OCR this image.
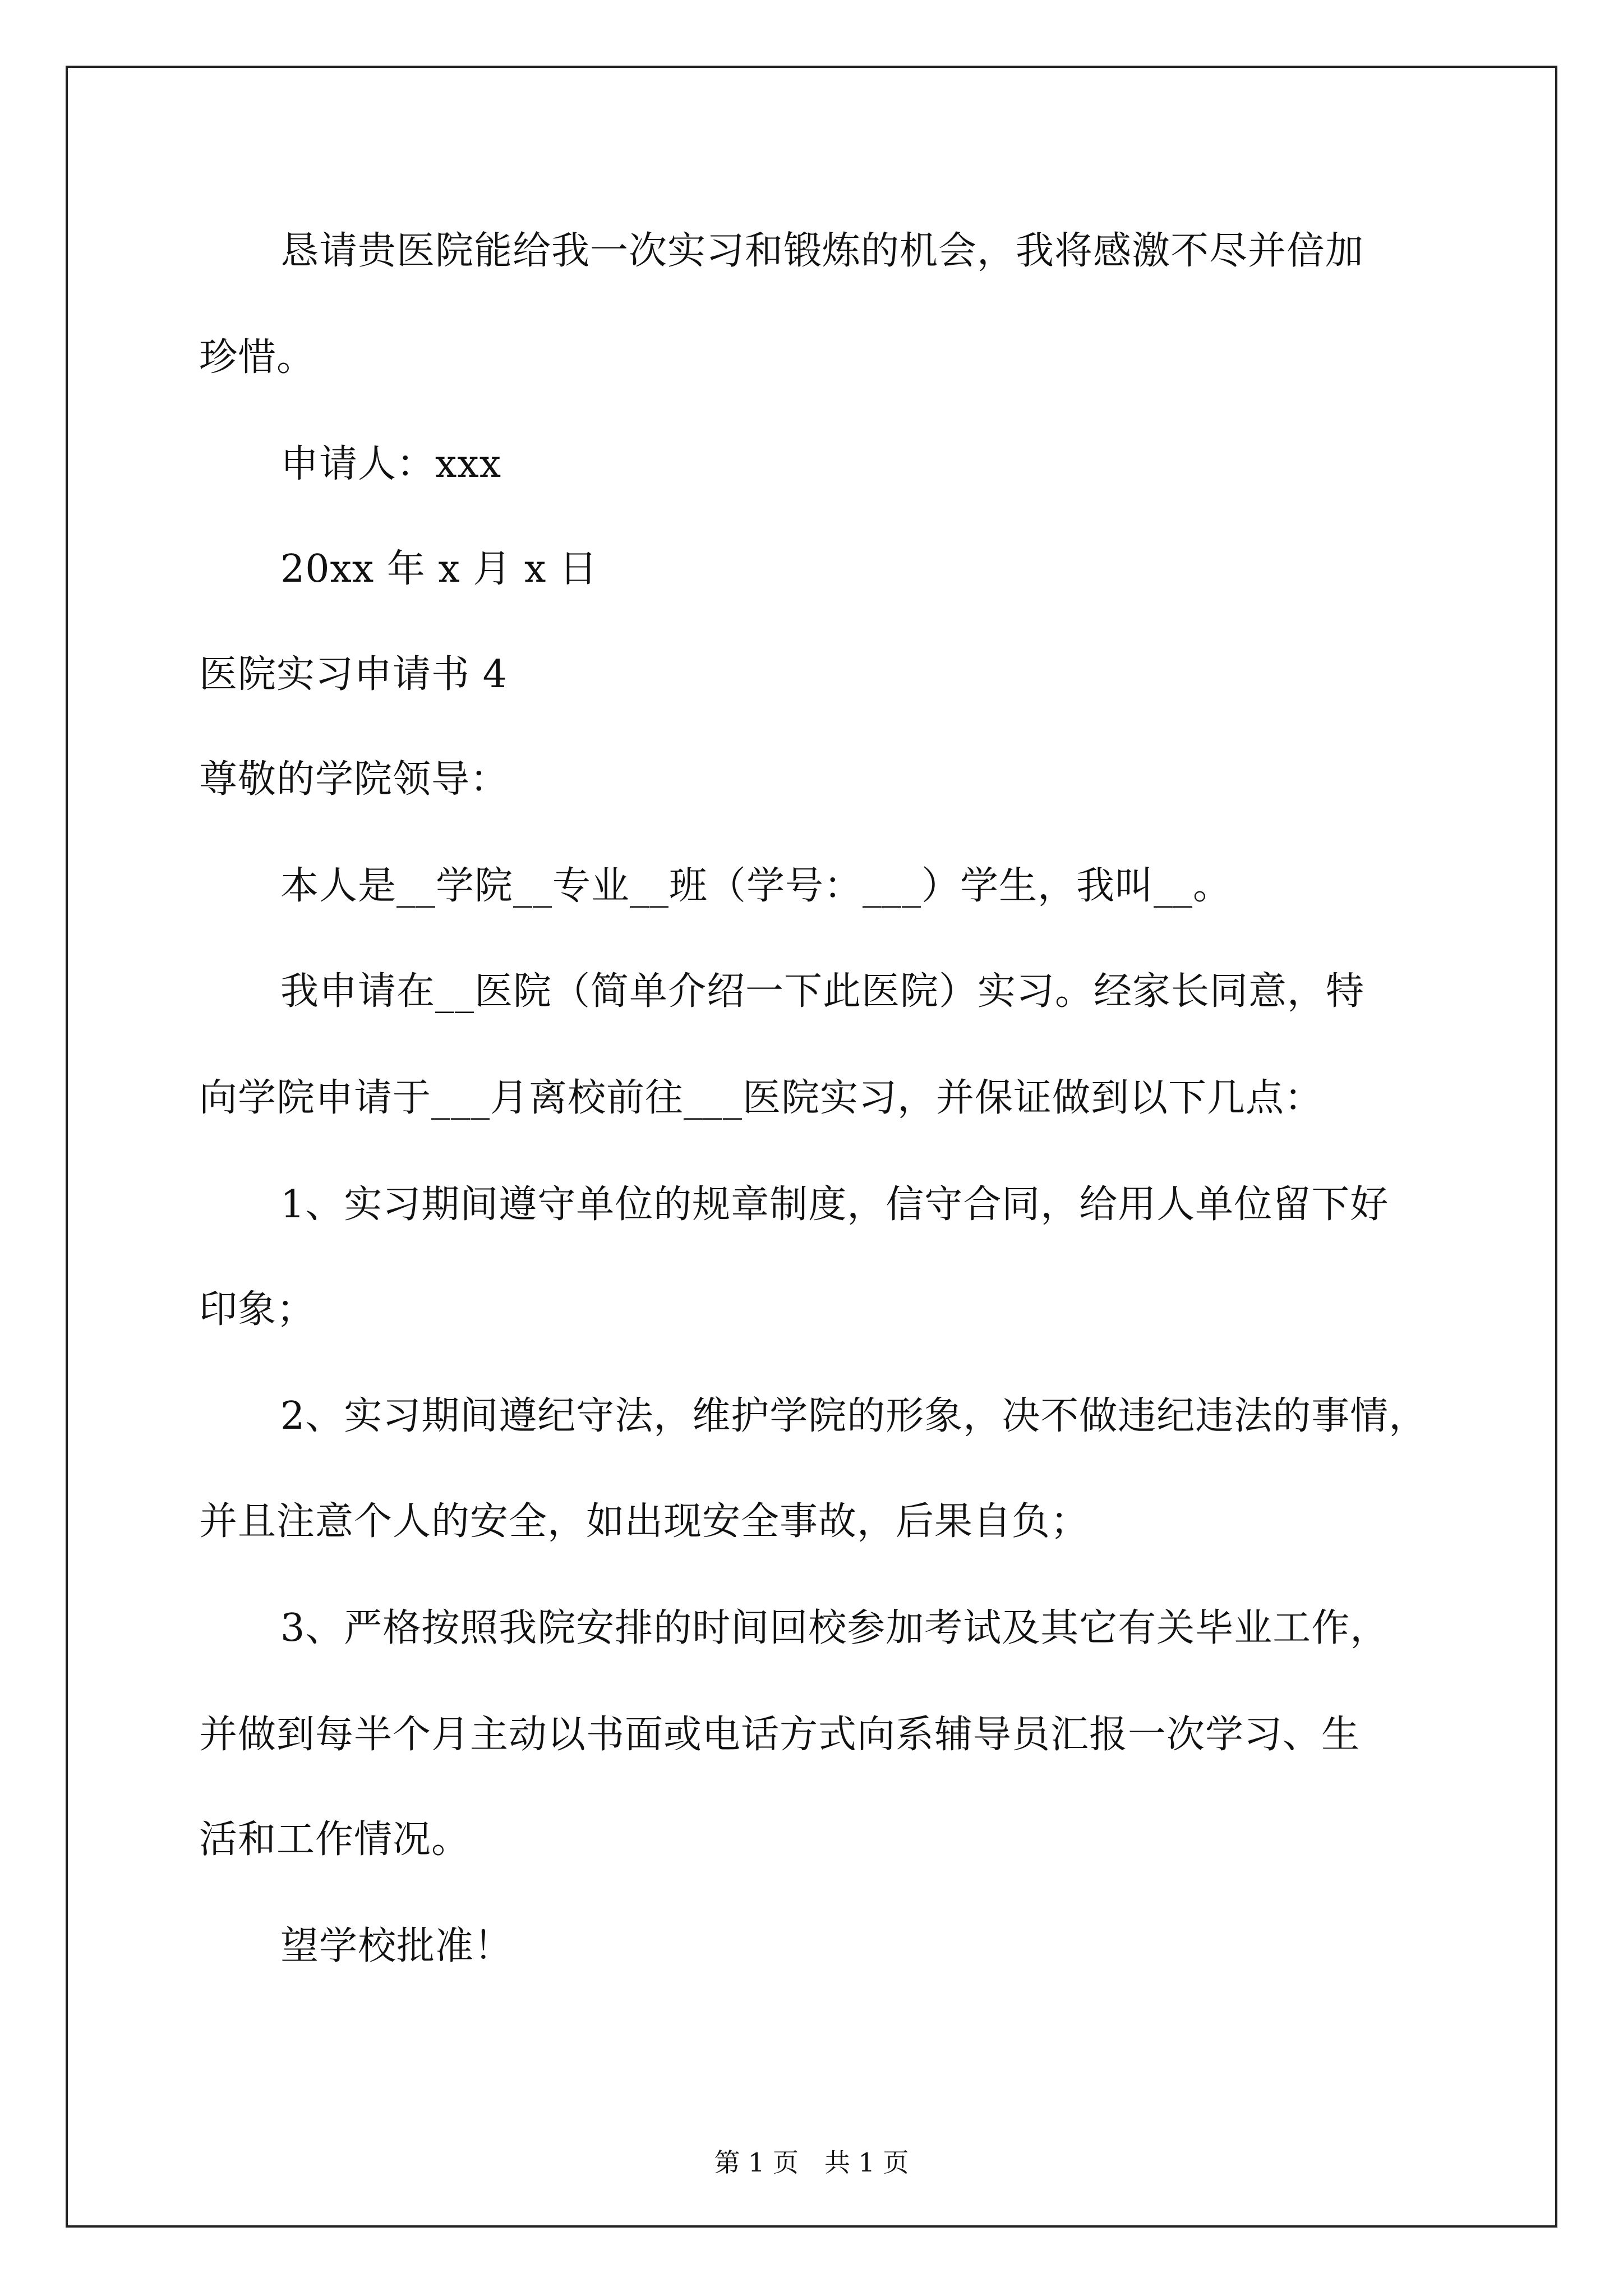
恳请贵医院能给我一次实习和锻炼的机会，我将感激不尽并倍加
珍惜。
申请人：xxx
20xx 年 x 月 x 日
医院实习申请书 4
尊敬的学院领导：
本人是__学院__专业__班（学号：___）学生，我叫__。
我申请在__医院（简单介绍一下此医院）实习。经家长同意，特
向学院申请于___月离校前往___医院实习，并保证做到以下几点：
1、实习期间遵守单位的规章制度，信守合同，给用人单位留下好
印象；
2、实习期间遵纪守法，维护学院的形象，决不做违纪违法的事情，
并且注意个人的安全，如出现安全事故，后果自负；
3、严格按照我院安排的时间回校参加考试及其它有关毕业工作，
并做到每半个月主动以书面或电话方式向系辅导员汇报一次学习、生
活和工作情况。
望学校批准！
第 1 页　共 1 页
